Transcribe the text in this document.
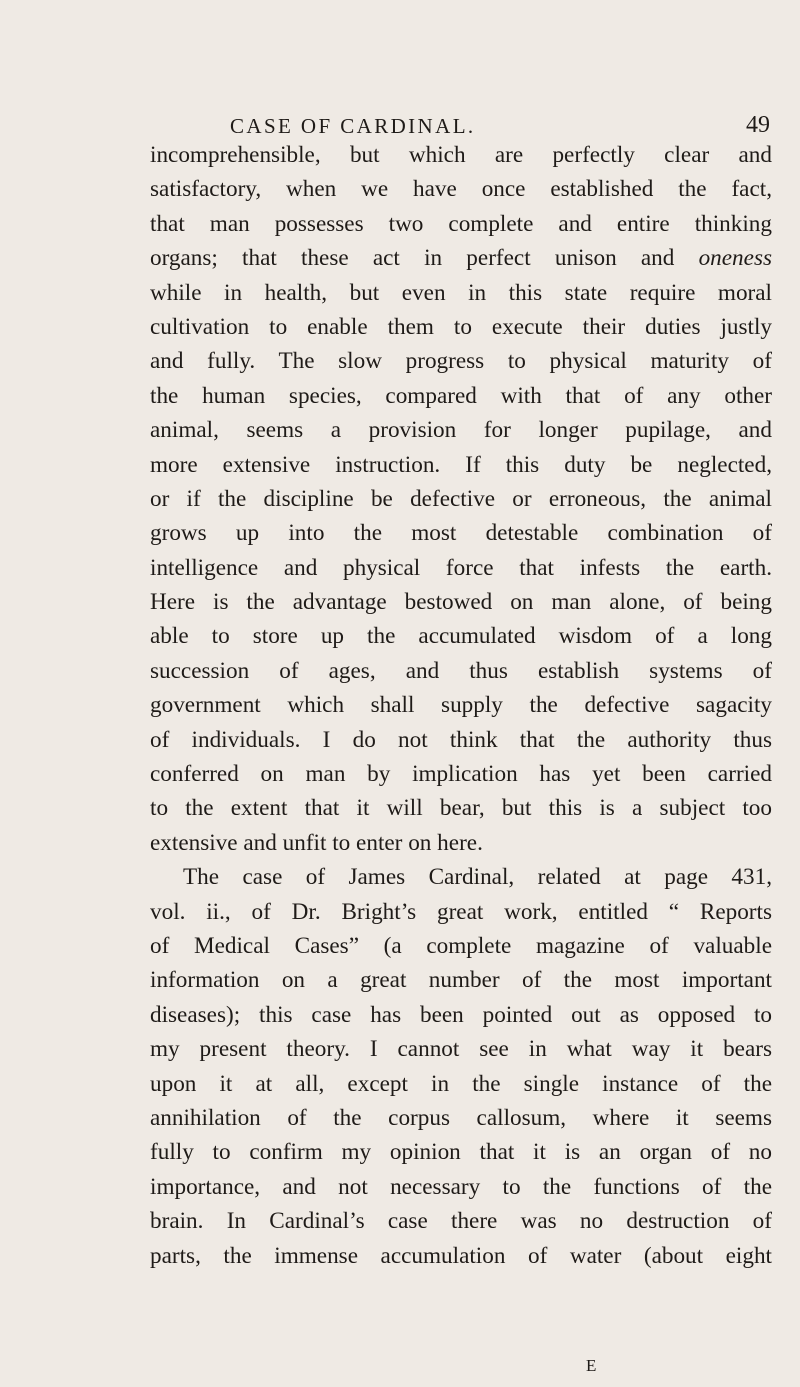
CASE OF CARDINAL.	49
incomprehensible, but which are perfectly clear and
satisfactory, when we have once established the fact,
that man possesses two complete and entire thinking
organs; that these act in perfect unison and oneness
while in health, but even in this state require moral
cultivation to enable them to execute their duties justly
and fully. The slow progress to physical maturity of
the human species, compared with that of any other
animal, seems a provision for longer pupilage, and
more extensive instruction. If this duty be neglected,
or if the discipline be defective or erroneous, the animal
grows up into the most detestable combination of
intelligence and physical force that infests the earth.
Here is the advantage bestowed on man alone, of being
able to store up the accumulated wisdom of a long
succession of ages, and thus establish systems of
government which shall supply the defective sagacity
of individuals. I do not think that the authority thus
conferred on man by implication has yet been carried
to the extent that it will bear, but this is a subject too
extensive and unfit to enter on here.
The case of James Cardinal, related at page 431,
vol. ii., of Dr. Bright’s great work, entitled “ Reports
of Medical Cases” (a complete magazine of valuable
information on a great number of the most important
diseases); this case has been pointed out as opposed to
my present theory. I cannot see in what way it bears
upon it at all, except in the single instance of the
annihilation of the corpus callosum, where it seems
fully to confirm my opinion that it is an organ of no
importance, and not necessary to the functions of the
brain. In Cardinal’s case there was no destruction of
parts, the immense accumulation of water (about eight
E
